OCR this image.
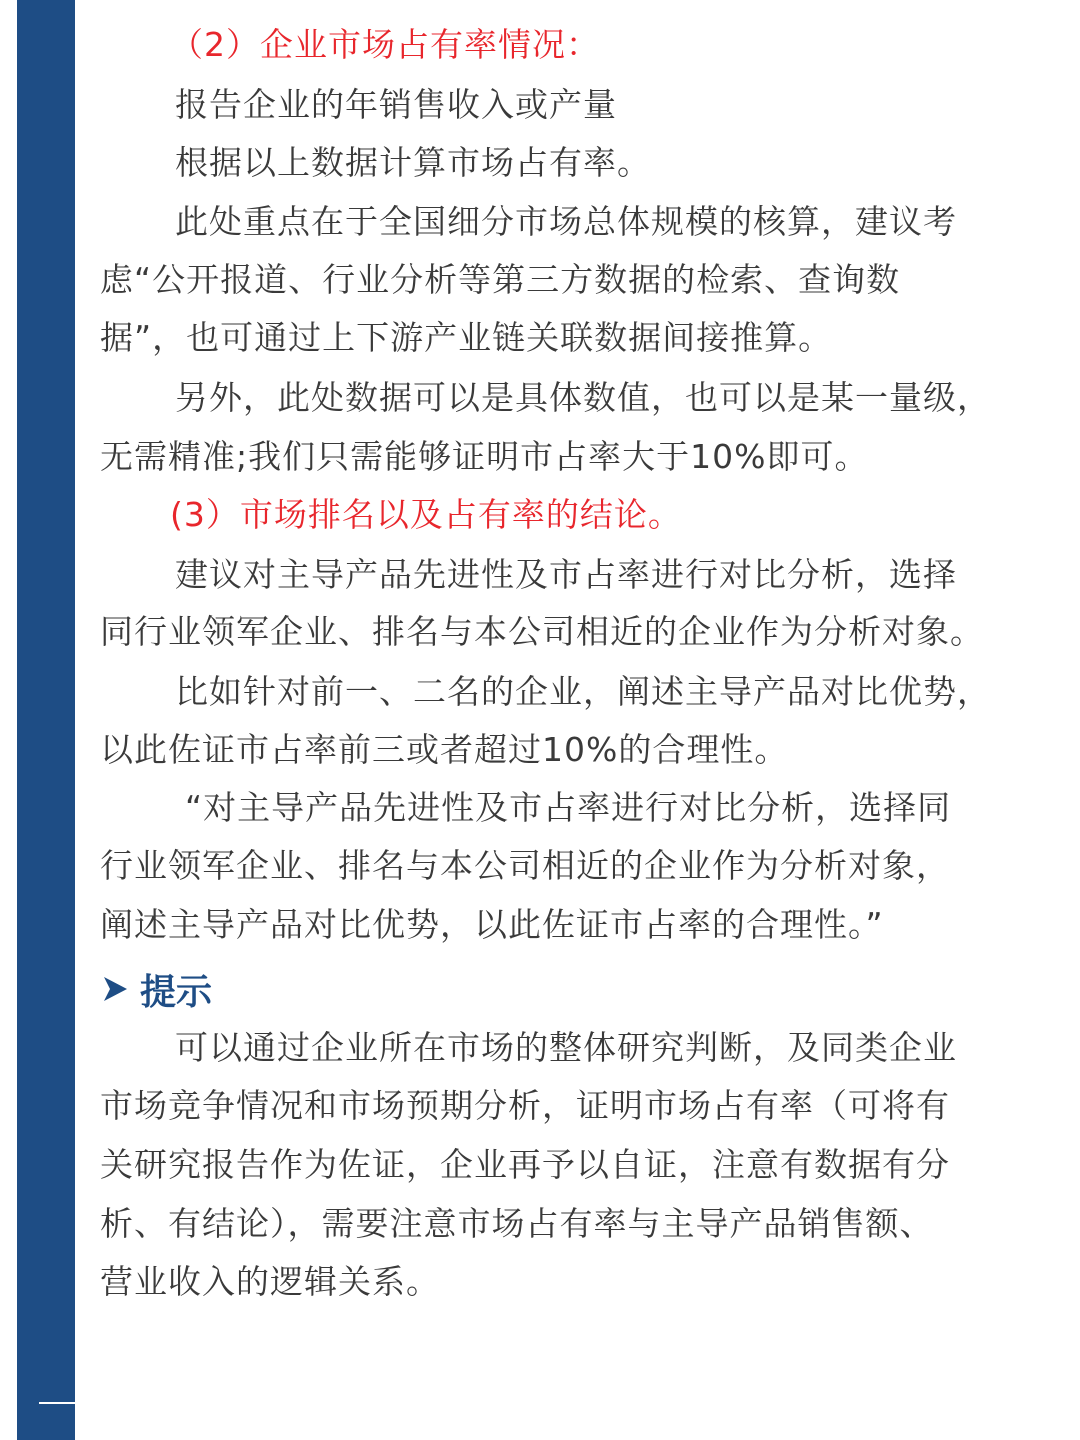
（2）企业市场占有率情况：
报告企业的年销售收入或产量
根据以上数据计算市场占有率。
此处重点在于全国细分市场总体规模的核算，建议考
虑“公开报道、行业分析等第三方数据的检索、查询数
据”，也可通过上下游产业链关联数据间接推算。
另外，此处数据可以是具体数值，也可以是某一量级，
无需精准;我们只需能够证明市占率大于10%即可。
(3）市场排名以及占有率的结论。
建议对主导产品先进性及市占率进行对比分析，选择
同行业领军企业、排名与本公司相近的企业作为分析对象。
比如针对前一、二名的企业，阐述主导产品对比优势，
以此佐证市占率前三或者超过10%的合理性。
“对主导产品先进性及市占率进行对比分析，选择同
行业领军企业、排名与本公司相近的企业作为分析对象，
阐述主导产品对比优势，以此佐证市占率的合理性。”
提示
可以通过企业所在市场的整体研究判断，及同类企业
市场竞争情况和市场预期分析，证明市场占有率（可将有
关研究报告作为佐证，企业再予以自证，注意有数据有分
析、有结论），需要注意市场占有率与主导产品销售额、
营业收入的逻辑关系。
